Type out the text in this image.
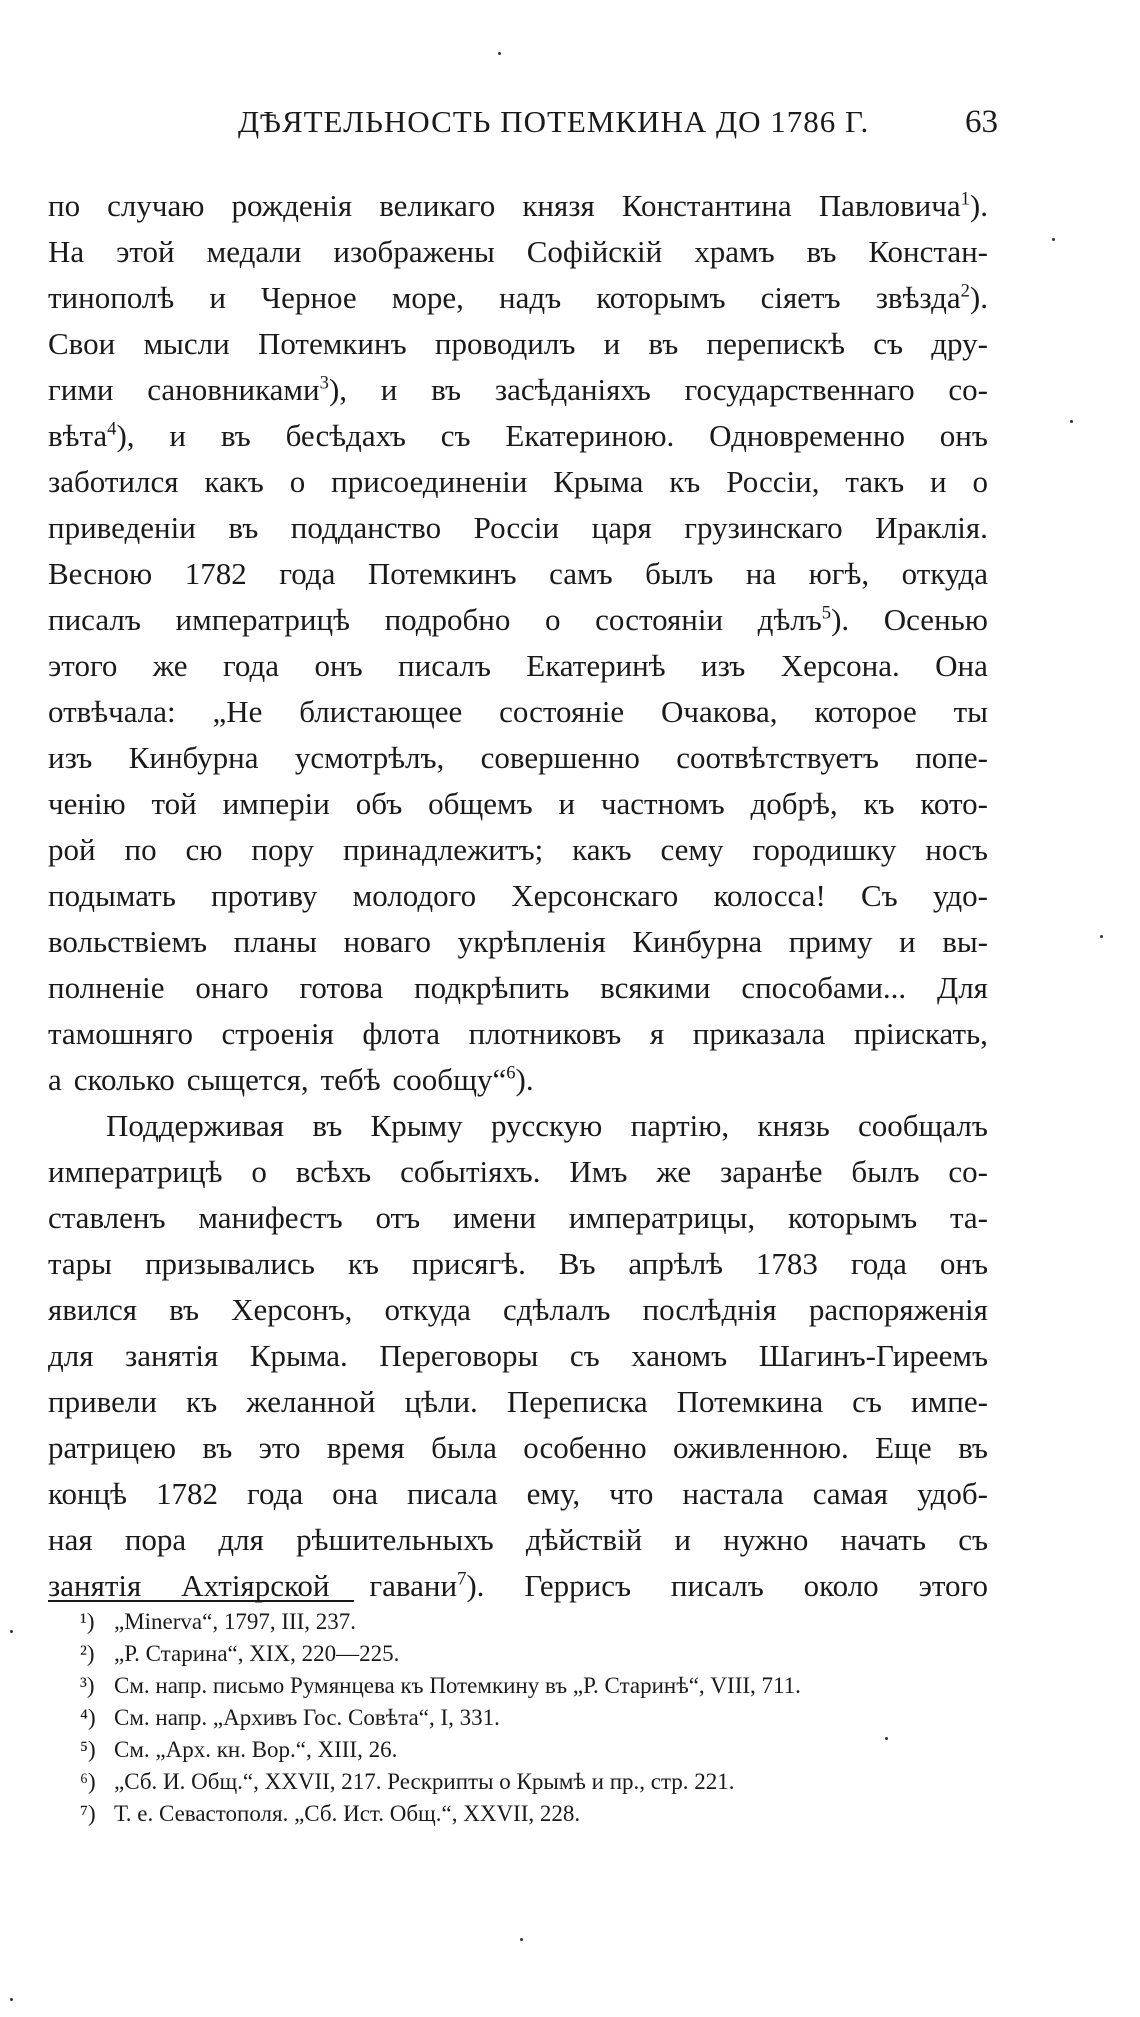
ДѢЯТЕЛЬНОСТЬ ПОТЕМКИНА ДО 1786 Г.	63
по случаю рожденія великаго князя Константина Павловича$^1$).
На этой медали изображены Софійскій храмъ въ Констан-
тинополѣ и Черное море, надъ которымъ сіяетъ звѣзда$^2$).
Свои мысли Потемкинъ проводилъ и въ перепискѣ съ дру-
гими сановниками$^3$), и въ засѣданіяхъ государственнаго со-
вѣта$^4$), и въ бесѣдахъ съ Екатериною. Одновременно онъ
заботился какъ о присоединеніи Крыма къ Россіи, такъ и о
приведеніи въ подданство Россіи царя грузинскаго Ираклія.
Весною 1782 года Потемкинъ самъ былъ на югѣ, откуда
писалъ императрицѣ подробно о состояніи дѣлъ$^5$). Осенью
этого же года онъ писалъ Екатеринѣ изъ Херсона. Она
отвѣчала: „Не блистающее состояніе Очакова, которое ты
изъ Кинбурна усмотрѣлъ, совершенно соотвѣтствуетъ попе-
ченію той имперіи объ общемъ и частномъ добрѣ, къ кото-
рой по сю пору принадлежитъ; какъ сему городишку носъ
подымать противу молодого Херсонскаго колосса! Съ удо-
вольствіемъ планы новаго укрѣпленія Кинбурна приму и вы-
полненіе онаго готова подкрѣпить всякими способами... Для
тамошняго строенія флота плотниковъ я приказала пріискать,
а сколько сыщется, тебѣ сообщу“$^6$).
Поддерживая въ Крыму русскую партію, князь сообщалъ
императрицѣ о всѣхъ событіяхъ. Имъ же заранѣе былъ со-
ставленъ манифестъ отъ имени императрицы, которымъ та-
тары призывались къ присягѣ. Въ апрѣлѣ 1783 года онъ
явился въ Херсонъ, откуда сдѣлалъ послѣднія распоряженія
для занятія Крыма. Переговоры съ ханомъ Шагинъ-Гиреемъ
привели къ желанной цѣли. Переписка Потемкина съ импе-
ратрицею въ это время была особенно оживленною. Еще въ
концѣ 1782 года она писала ему, что настала самая удоб-
ная пора для рѣшительныхъ дѣйствій и нужно начать съ
занятія Ахтіярской гавани$^7$). Геррисъ писалъ около этого
¹) „Minerva“, 1797, III, 237.
²) „Р. Старина“, XIX, 220—225.
³) См. напр. письмо Румянцева къ Потемкину въ „Р. Старинѣ“, VIII, 711.
⁴) См. напр. „Архивъ Гос. Совѣта“, I, 331.
⁵) См. „Арх. кн. Вор.“, XIII, 26.
⁶) „Сб. И. Общ.“, XXVII, 217. Рескрипты о Крымѣ и пр., стр. 221.
⁷) Т. е. Севастополя. „Сб. Ист. Общ.“, XXVII, 228.
